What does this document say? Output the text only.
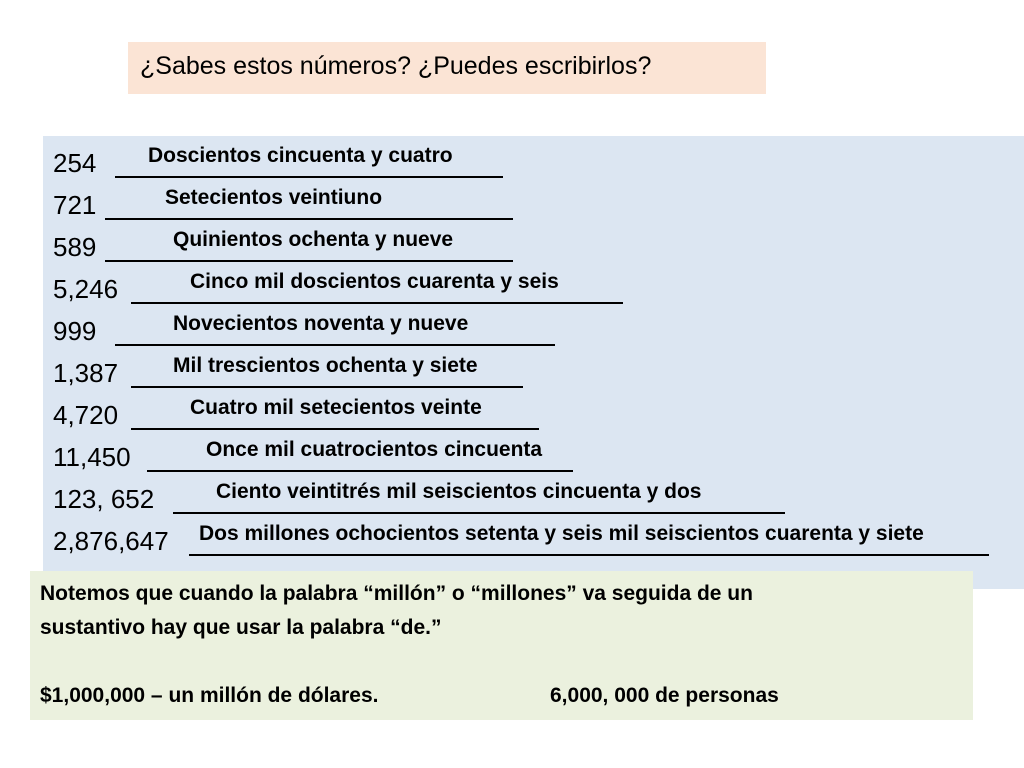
¿Sabes estos números? ¿Puedes escribirlos?
254 Doscientos cincuenta y cuatro
721	Setecientos veintiuno
589	Quinientos ochenta y nueve
5,246	Cinco mil doscientos cuarenta y seis
999	Novecientos noventa y nueve
1,387	Mil trescientos ochenta y siete
4,720	Cuatro mil setecientos veinte
11,450	Once mil cuatrocientos cincuenta
123, 652	Ciento veintitrés mil seiscientos cincuenta y dos
2,876,647 Dos millones ochocientos setenta y seis mil seiscientos cuarenta y siete
Notemos que cuando la palabra “millón” o “millones” va seguida de un
sustantivo hay que usar la palabra “de.”
$1,000,000 – un millón de dólares.	6,000, 000 de personas
